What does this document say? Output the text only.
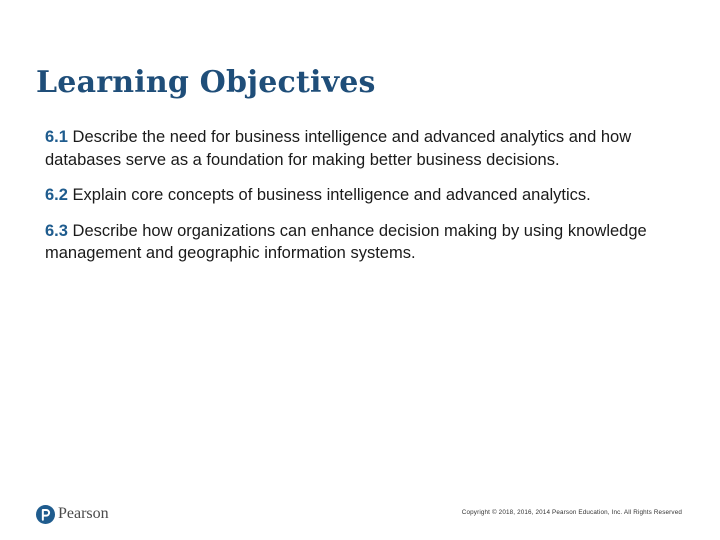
Learning Objectives
6.1 Describe the need for business intelligence and advanced analytics and how databases serve as a foundation for making better business decisions.
6.2 Explain core concepts of business intelligence and advanced analytics.
6.3 Describe how organizations can enhance decision making by using knowledge management and geographic information systems.
Pearson	Copyright © 2018, 2016, 2014 Pearson Education, Inc. All Rights Reserved
